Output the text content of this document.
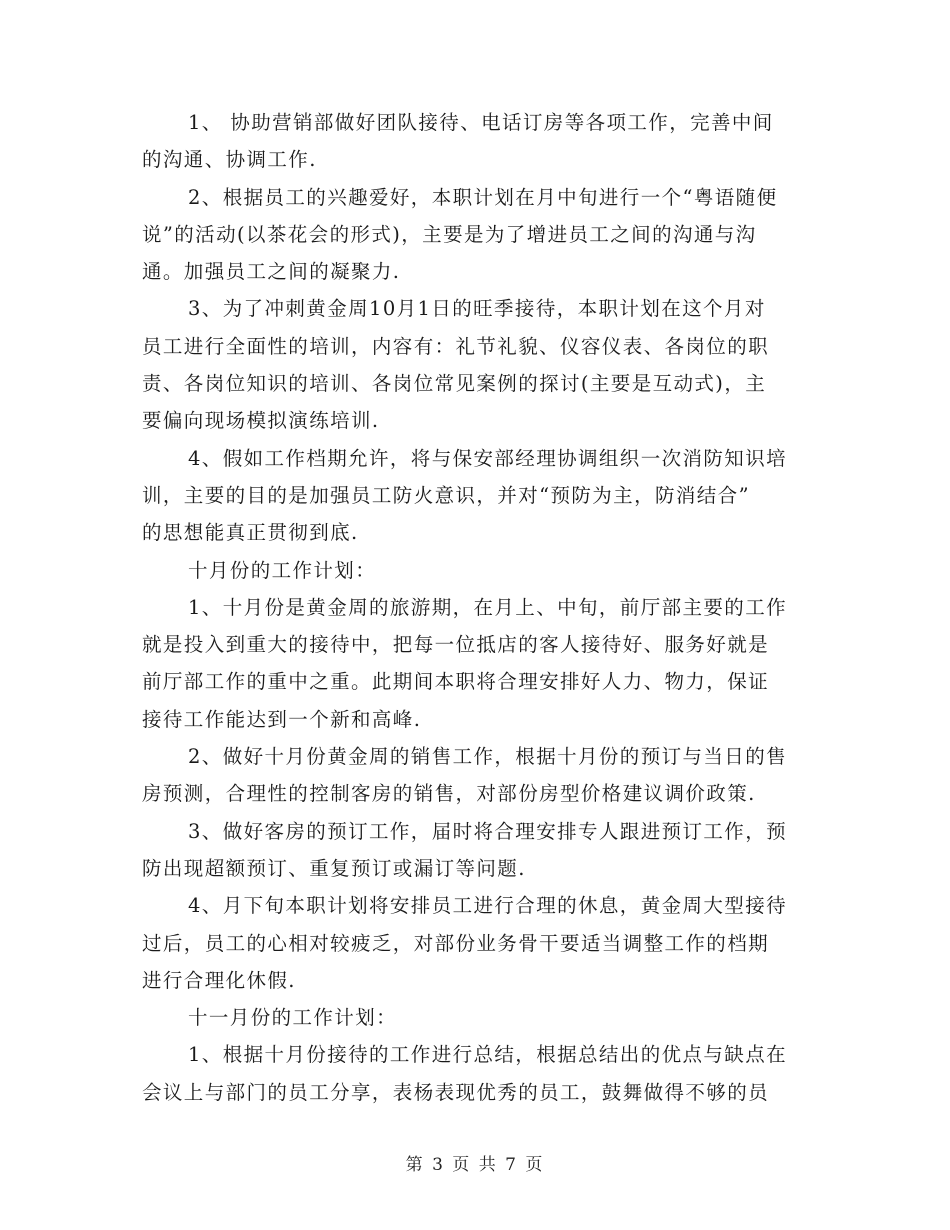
1、 协助营销部做好团队接待、电话订房等各项工作，完善中间
的沟通、协调工作.
2、根据员工的兴趣爱好，本职计划在月中旬进行一个“粤语随便
说”的活动(以茶花会的形式)，主要是为了增进员工之间的沟通与沟
通。加强员工之间的凝聚力.
3、为了冲刺黄金周10月1日的旺季接待，本职计划在这个月对
员工进行全面性的培训，内容有：礼节礼貌、仪容仪表、各岗位的职
责、各岗位知识的培训、各岗位常见案例的探讨(主要是互动式)，主
要偏向现场模拟演练培训.
4、假如工作档期允许，将与保安部经理协调组织一次消防知识培
训，主要的目的是加强员工防火意识，并对“预防为主，防消结合”
的思想能真正贯彻到底.
十月份的工作计划：
1、十月份是黄金周的旅游期，在月上、中旬，前厅部主要的工作
就是投入到重大的接待中，把每一位抵店的客人接待好、服务好就是
前厅部工作的重中之重。此期间本职将合理安排好人力、物力，保证
接待工作能达到一个新和高峰.
2、做好十月份黄金周的销售工作，根据十月份的预订与当日的售
房预测，合理性的控制客房的销售，对部份房型价格建议调价政策.
3、做好客房的预订工作，届时将合理安排专人跟进预订工作，预
防出现超额预订、重复预订或漏订等问题.
4、月下旬本职计划将安排员工进行合理的休息，黄金周大型接待
过后，员工的心相对较疲乏，对部份业务骨干要适当调整工作的档期
进行合理化休假.
十一月份的工作计划：
1、根据十月份接待的工作进行总结，根据总结出的优点与缺点在
会议上与部门的员工分享，表杨表现优秀的员工，鼓舞做得不够的员
第 3 页 共 7 页
